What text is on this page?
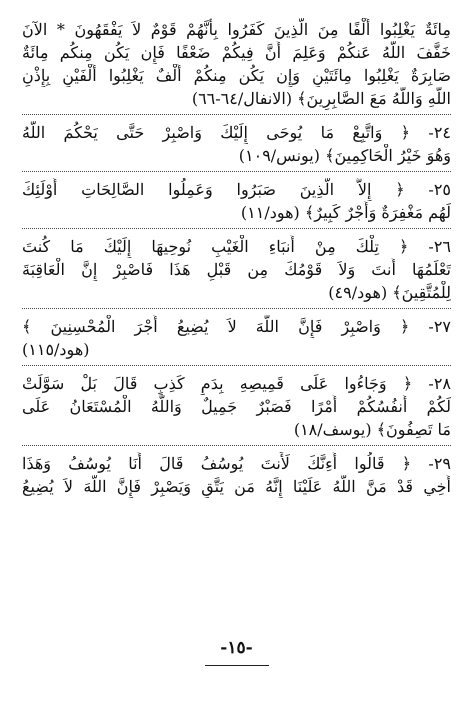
مِائَةٌ يَغْلِبُوا أَلْفًا مِنَ الَّذِينَ كَفَرُوا بِأَنَّهُمْ قَوْمٌ لاَ يَفْقَهُونَ * الآنَ

خَفَّفَ اللَّهُ عَنكُمْ وَعَلِمَ أَنَّ فِيكُمْ ضَعْفًا فَإِن يَكُن مِنكُم مِائَةٌ

صَابِرَةٌ يَغْلِبُوا مِائَتَيْنِ وَإِن يَكُن مِنكُمْ أَلْفٌ يَغْلِبُوا أَلْفَيْنِ بِإِذْنِ

اللَّهِ وَاللَّهُ مَعَ الصَّابِرِينَ﴾ (الانفال/٦٤-٦٦)

٢٤- ﴿ وَاتَّبِعْ مَا يُوحَى إِلَيْكَ وَاصْبِرْ حَتَّى يَحْكُمَ اللَّهُ

وَهُوَ خَيْرُ الْحَاكِمِينَ﴾ (يونس/١٠٩)

٢٥- ﴿ إِلاَّ الَّذِينَ صَبَرُوا وَعَمِلُوا الصَّالِحَاتِ أُوْلَئِكَ

لَهُم مَغْفِرَةٌ وَأَجْرٌ كَبِيرٌ﴾ (هود/١١)

٢٦- ﴿ تِلْكَ مِنْ أَنبَاءِ الْغَيْبِ نُوحِيهَا إِلَيْكَ مَا كُنتَ

تَعْلَمُهَا أَنتَ وَلاَ قَوْمُكَ مِن قَبْلِ هَذَا فَاصْبِرْ إِنَّ الْعَاقِبَةَ

لِلْمُتَّقِينَ﴾ (هود/٤٩)

٢٧- ﴿ وَاصْبِرْ فَإِنَّ اللَّهَ لاَ يُضِيعُ أَجْرَ الْمُحْسِنِينَ ﴾

(هود/١١٥)

٢٨- ﴿ وَجَاءُوا عَلَى قَمِيصِهِ بِدَمٍ كَذِبٍ قَالَ بَلْ سَوَّلَتْ

لَكُمْ أَنفُسُكُمْ أَمْرًا فَصَبْرٌ جَمِيلٌ وَاللَّهُ الْمُسْتَعَانُ عَلَى

مَا تَصِفُونَ﴾ (يوسف/١٨)

٢٩- ﴿ قَالُوا أَءِنَّكَ لَأَنتَ يُوسُفُ قَالَ أَنَا يُوسُفُ وَهَذَا

أَخِي قَدْ مَنَّ اللَّهُ عَلَيْنَا إِنَّهُ مَن يَتَّقِ وَيَصْبِرْ فَإِنَّ اللَّهَ لاَ يُضِيعُ

-١٥-
